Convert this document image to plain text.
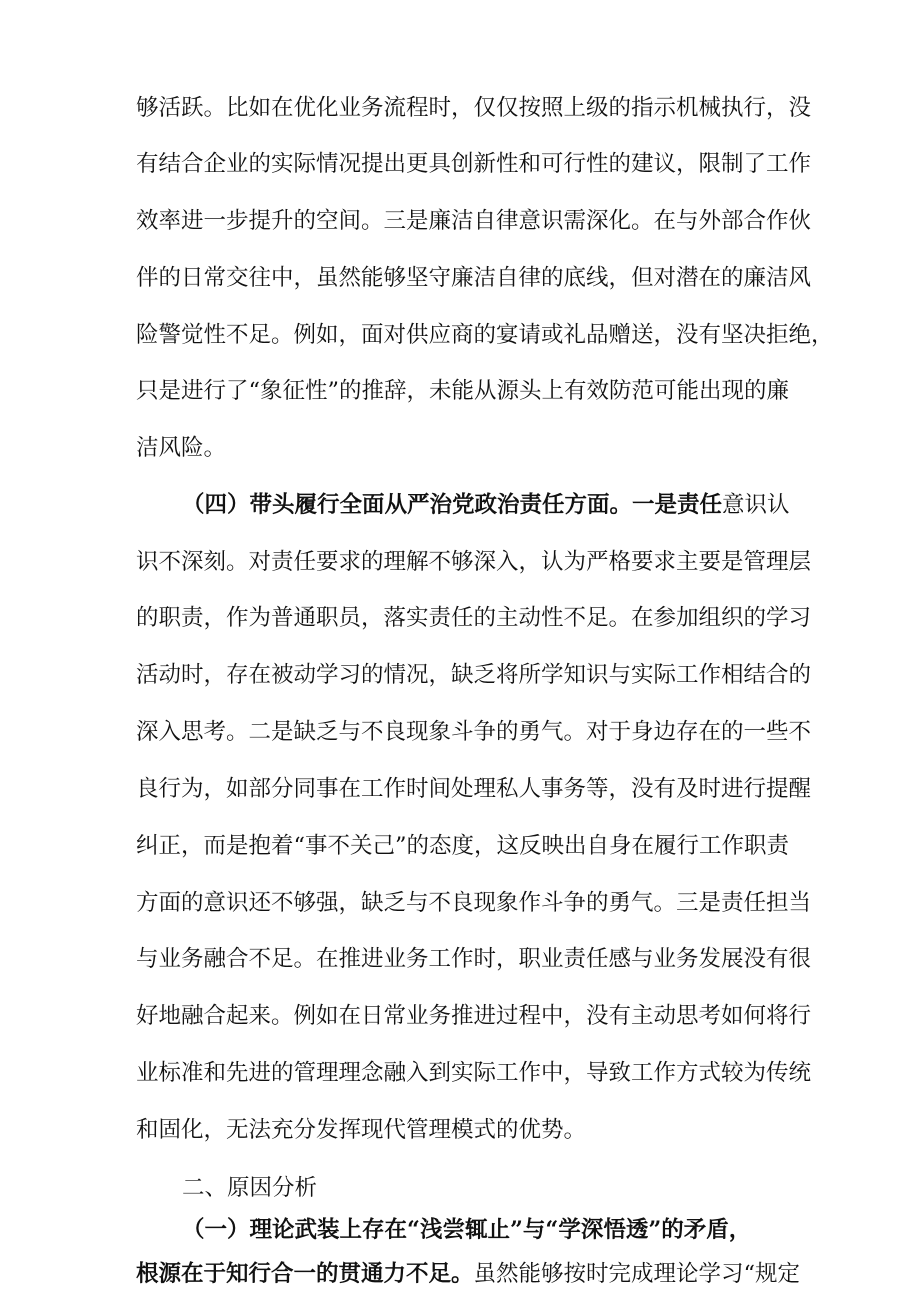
够活跃。比如在优化业务流程时，仅仅按照上级的指示机械执行，没
有结合企业的实际情况提出更具创新性和可行性的建议，限制了工作
效率进一步提升的空间。三是廉洁自律意识需深化。在与外部合作伙
伴的日常交往中，虽然能够坚守廉洁自律的底线，但对潜在的廉洁风
险警觉性不足。例如，面对供应商的宴请或礼品赠送，没有坚决拒绝，
只是进行了“象征性”的推辞，未能从源头上有效防范可能出现的廉
洁风险。
（四）带头履行全面从严治党政治责任方面。一是责任意识认
识不深刻。对责任要求的理解不够深入，认为严格要求主要是管理层
的职责，作为普通职员，落实责任的主动性不足。在参加组织的学习
活动时，存在被动学习的情况，缺乏将所学知识与实际工作相结合的
深入思考。二是缺乏与不良现象斗争的勇气。对于身边存在的一些不
良行为，如部分同事在工作时间处理私人事务等，没有及时进行提醒
纠正，而是抱着“事不关己”的态度，这反映出自身在履行工作职责
方面的意识还不够强，缺乏与不良现象作斗争的勇气。三是责任担当
与业务融合不足。在推进业务工作时，职业责任感与业务发展没有很
好地融合起来。例如在日常业务推进过程中，没有主动思考如何将行
业标准和先进的管理理念融入到实际工作中，导致工作方式较为传统
和固化，无法充分发挥现代管理模式的优势。
二、原因分析
（一）理论武装上存在“浅尝辄止”与“学深悟透”的矛盾，
根源在于知行合一的贯通力不足。虽然能够按时完成理论学习“规定
